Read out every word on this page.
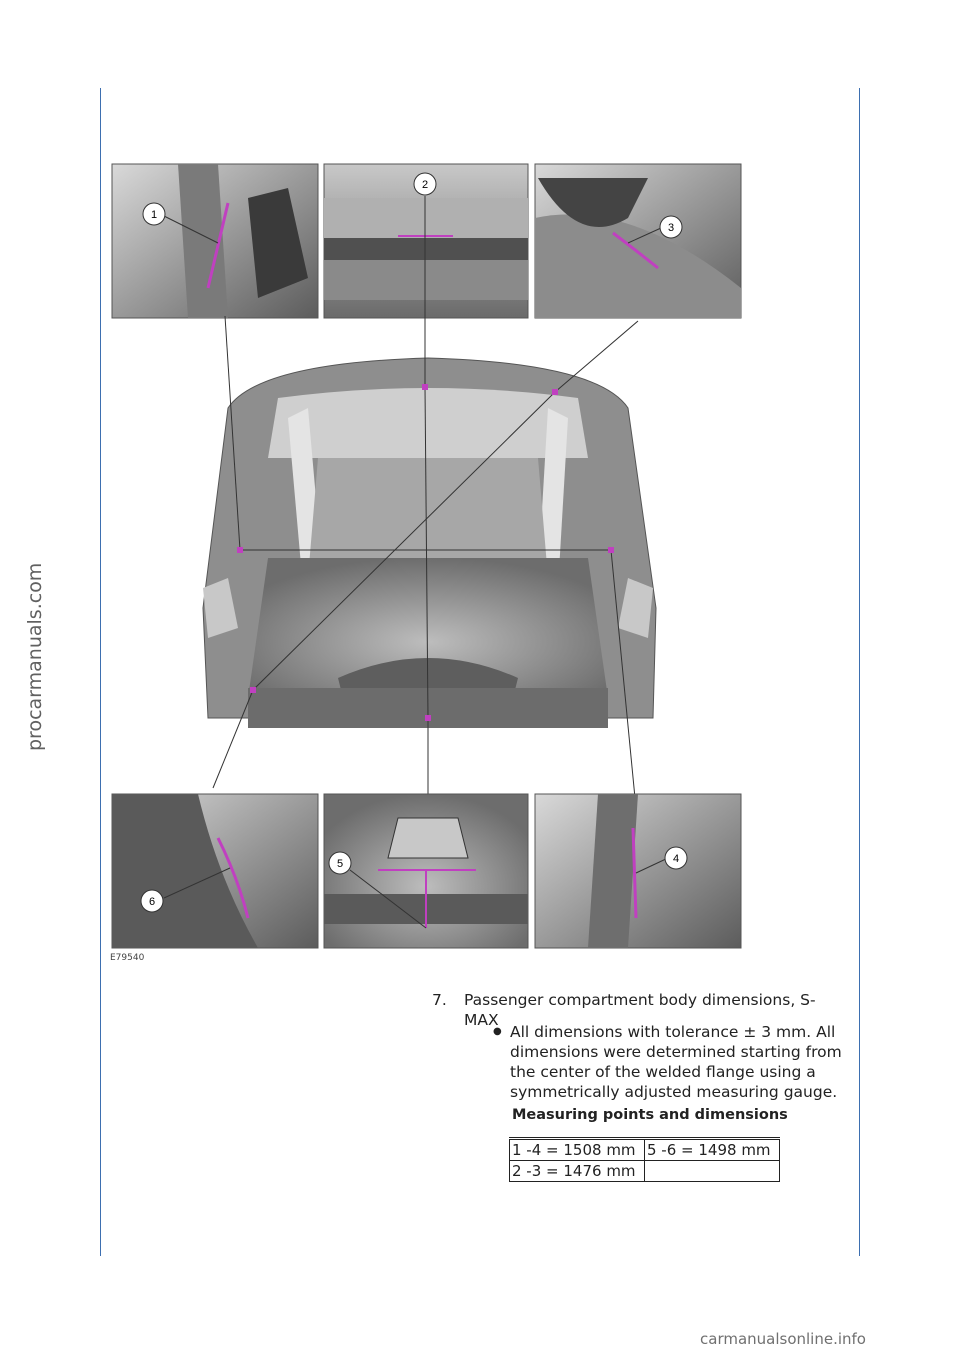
procarmanuals.com
1
2
3
4
5
6
E79540
7. Passenger compartment body dimensions, S-MAX
● All dimensions with tolerance ± 3 mm. All dimensions were determined starting from the center of the welded flange using a symmetrically adjusted measuring gauge.
Measuring points and dimensions
1 -4 = 1508 mm	5 -6 = 1498 mm
2 -3 = 1476 mm	
carmanualsonline.info
